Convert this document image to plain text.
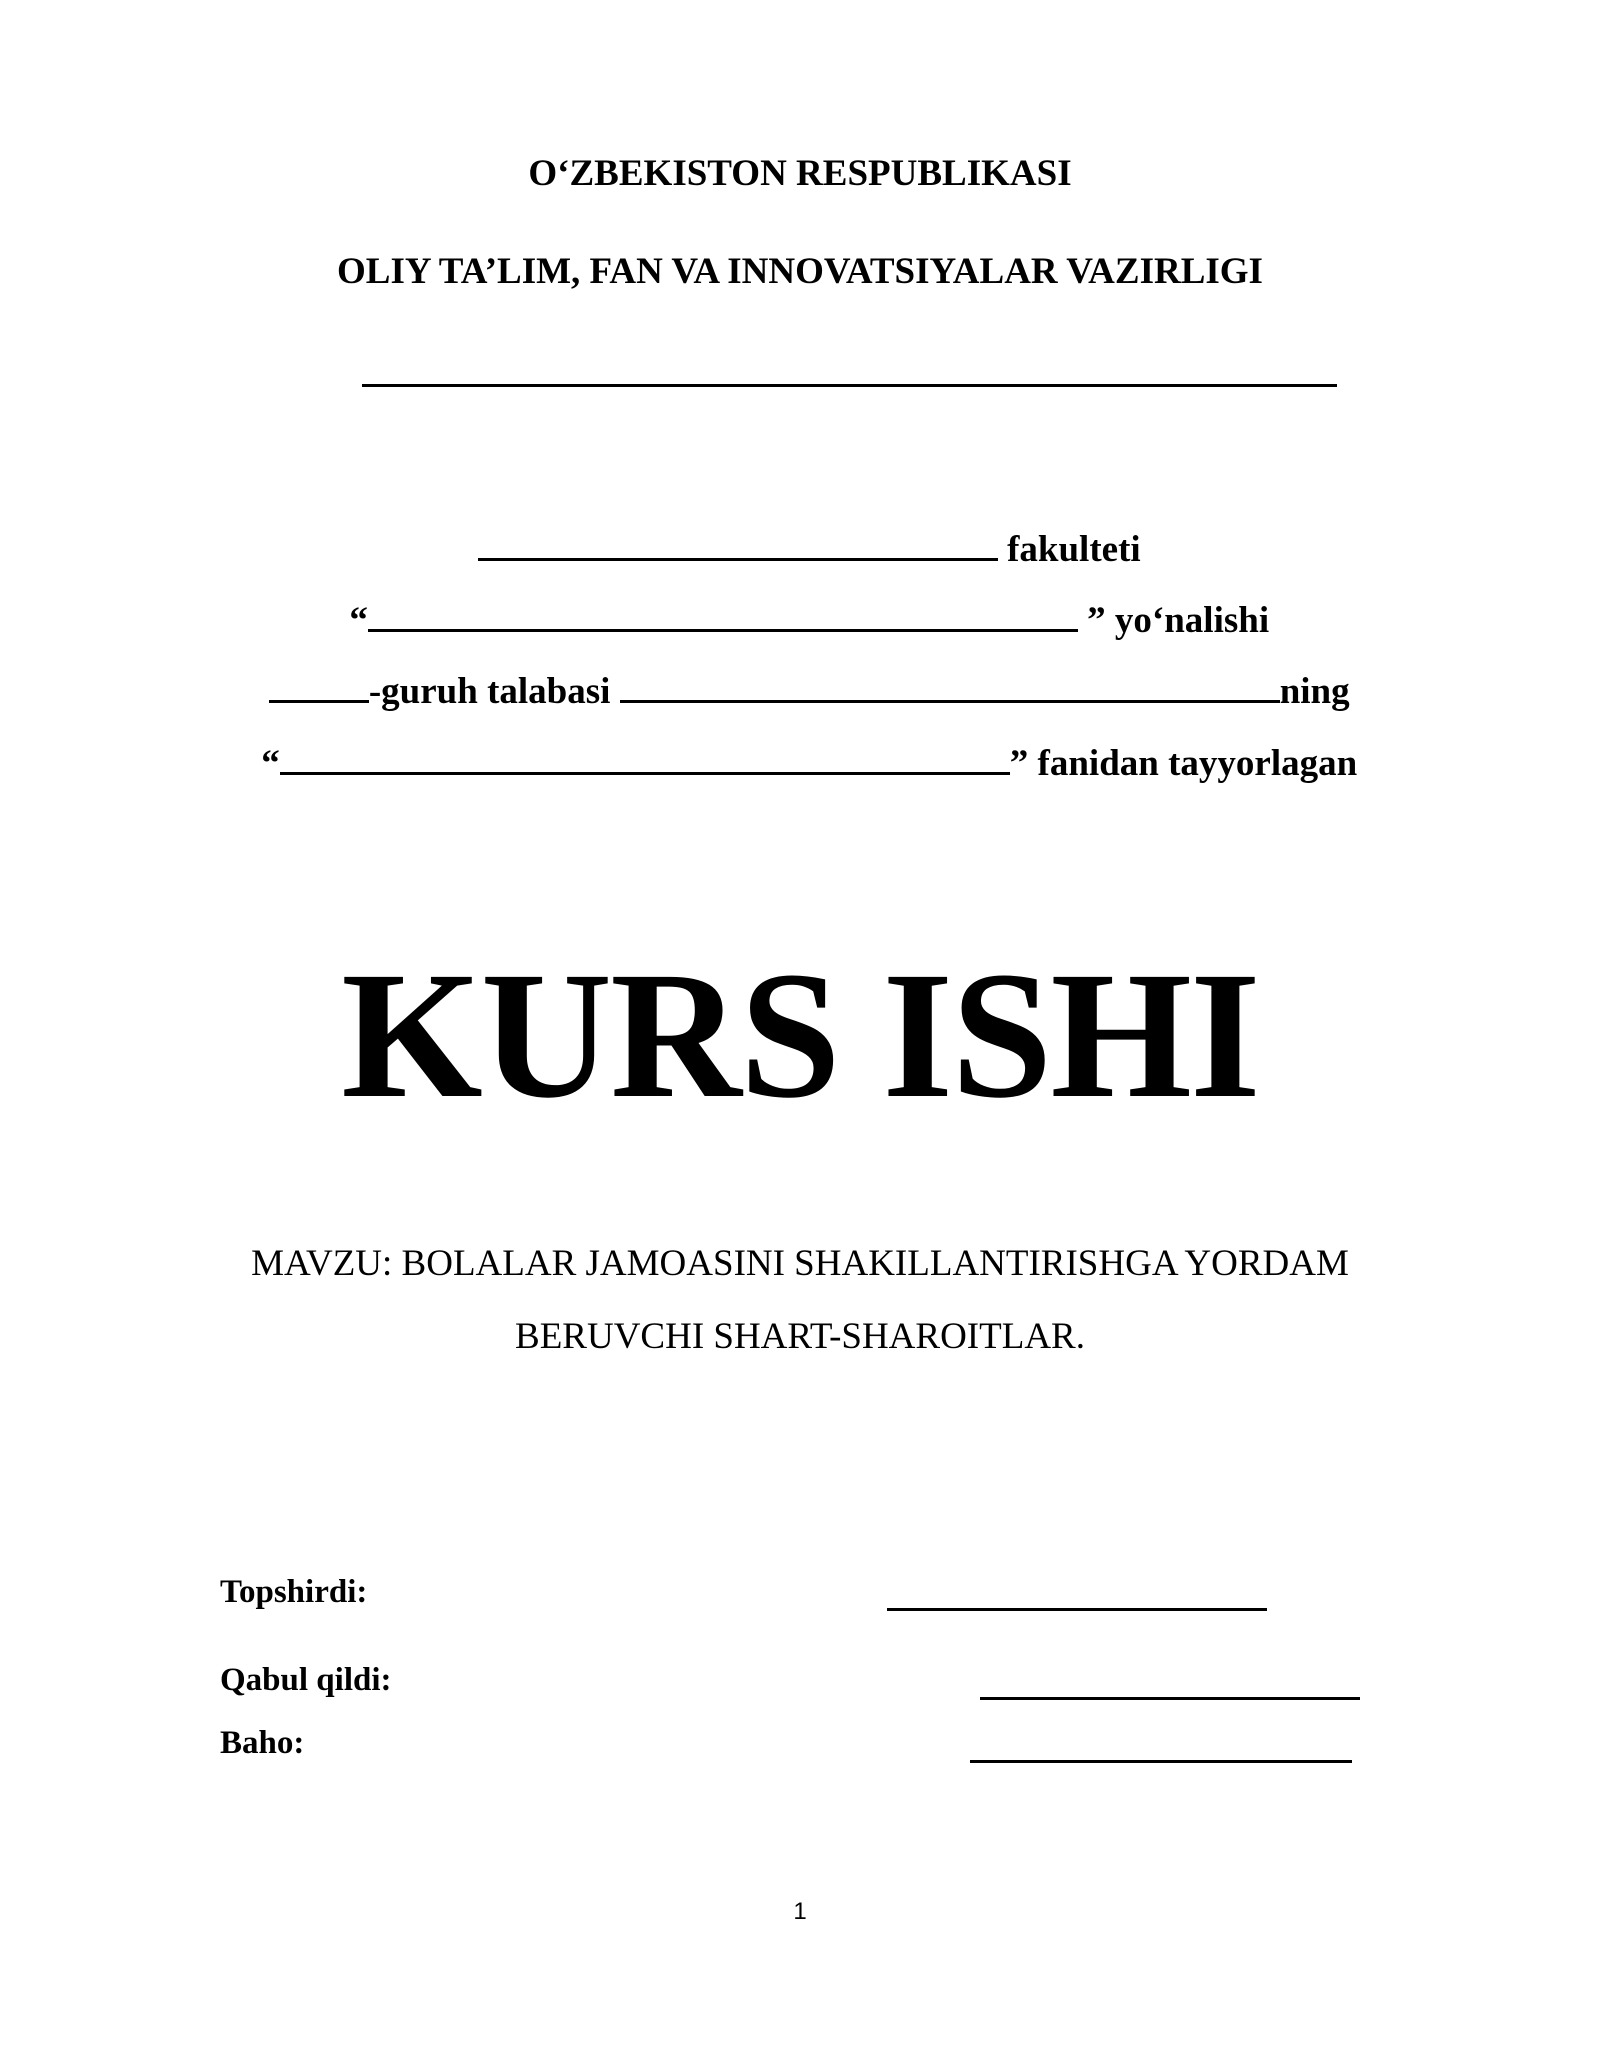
O‘ZBEKISTON RESPUBLIKASI
OLIY TA’LIM, FAN VA INNOVATSIYALAR VAZIRLIGI

fakulteti

“	” yo‘nalishi

-guruh talabasi	ning

“	” fanidan tayyorlagan

KURS ISHI
MAVZU: BOLALAR JAMOASINI SHAKILLANTIRISHGA YORDAM
BERUVCHI SHART-SHAROITLAR.
Topshirdi:
Qabul qildi:
Baho:
1
